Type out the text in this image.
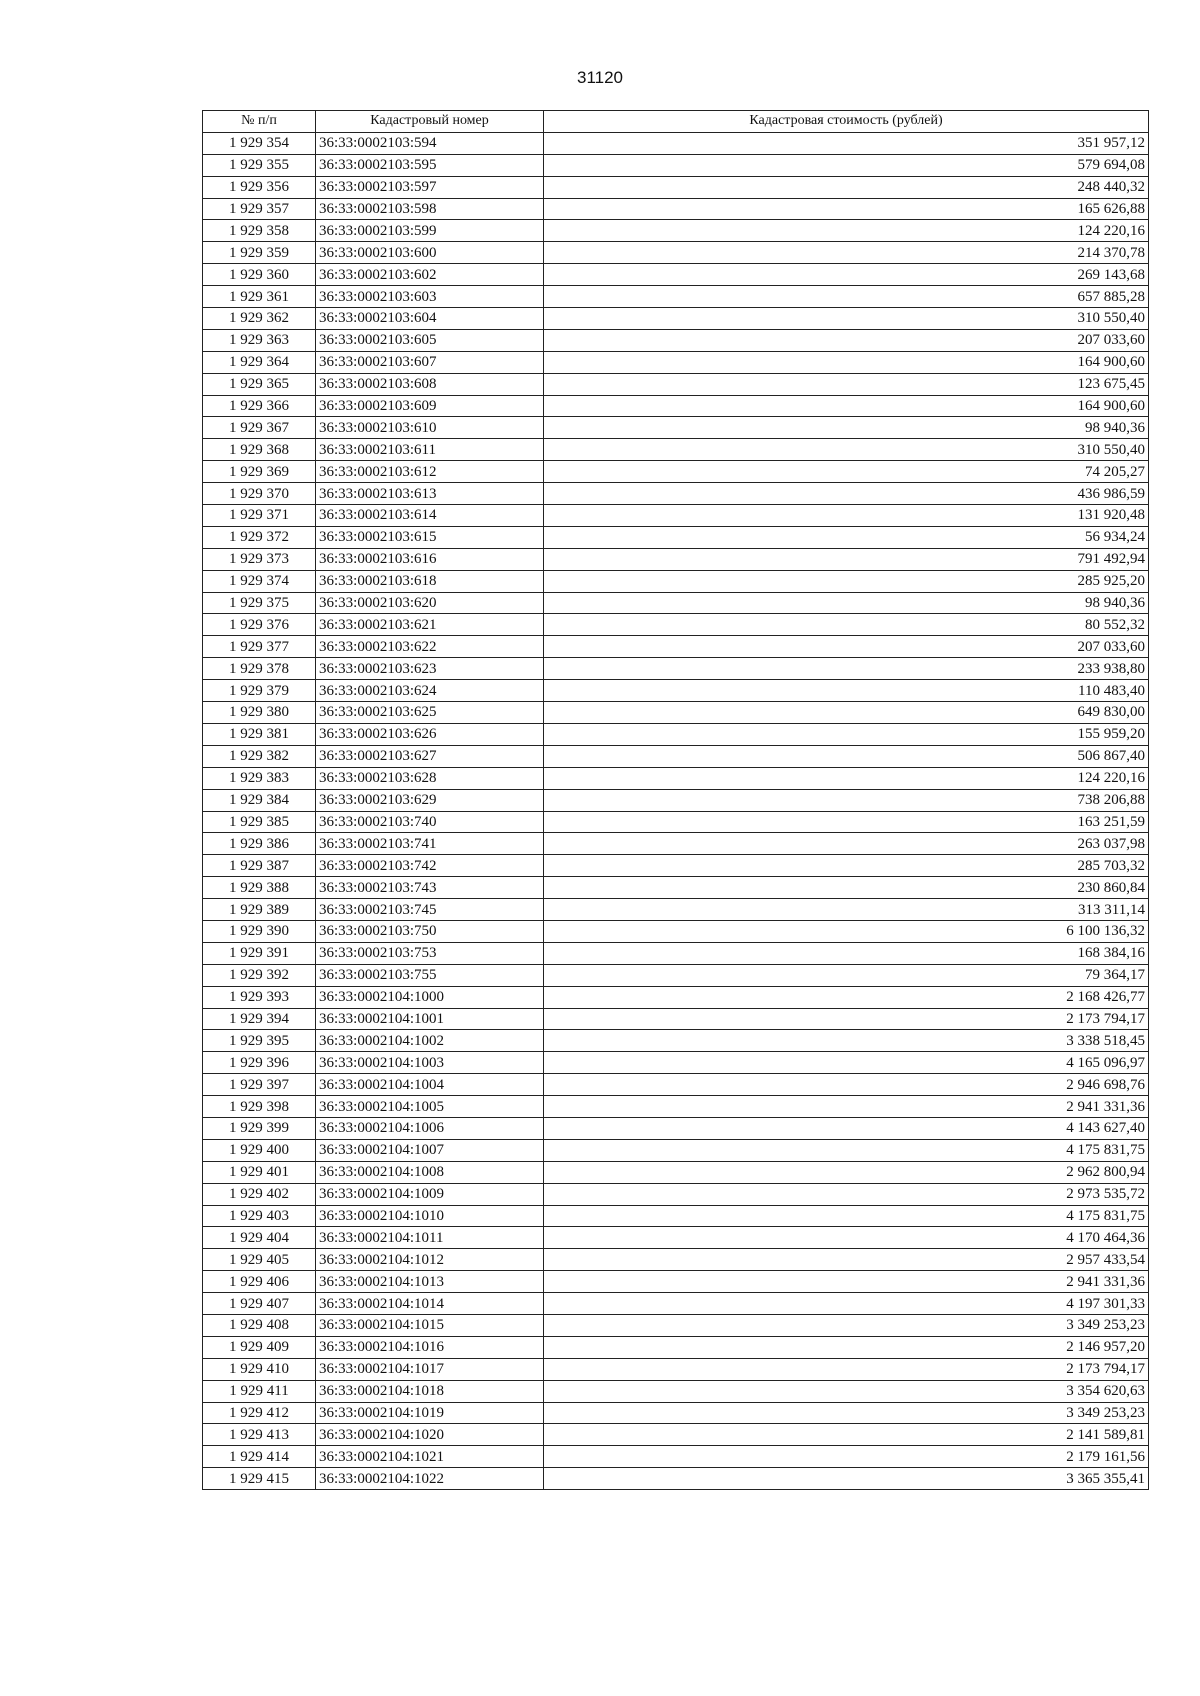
31120
№ п/п	Кадастровый номер	Кадастровая стоимость (рублей)
1 929 354	36:33:0002103:594	351 957,12
1 929 355	36:33:0002103:595	579 694,08
1 929 356	36:33:0002103:597	248 440,32
1 929 357	36:33:0002103:598	165 626,88
1 929 358	36:33:0002103:599	124 220,16
1 929 359	36:33:0002103:600	214 370,78
1 929 360	36:33:0002103:602	269 143,68
1 929 361	36:33:0002103:603	657 885,28
1 929 362	36:33:0002103:604	310 550,40
1 929 363	36:33:0002103:605	207 033,60
1 929 364	36:33:0002103:607	164 900,60
1 929 365	36:33:0002103:608	123 675,45
1 929 366	36:33:0002103:609	164 900,60
1 929 367	36:33:0002103:610	98 940,36
1 929 368	36:33:0002103:611	310 550,40
1 929 369	36:33:0002103:612	74 205,27
1 929 370	36:33:0002103:613	436 986,59
1 929 371	36:33:0002103:614	131 920,48
1 929 372	36:33:0002103:615	56 934,24
1 929 373	36:33:0002103:616	791 492,94
1 929 374	36:33:0002103:618	285 925,20
1 929 375	36:33:0002103:620	98 940,36
1 929 376	36:33:0002103:621	80 552,32
1 929 377	36:33:0002103:622	207 033,60
1 929 378	36:33:0002103:623	233 938,80
1 929 379	36:33:0002103:624	110 483,40
1 929 380	36:33:0002103:625	649 830,00
1 929 381	36:33:0002103:626	155 959,20
1 929 382	36:33:0002103:627	506 867,40
1 929 383	36:33:0002103:628	124 220,16
1 929 384	36:33:0002103:629	738 206,88
1 929 385	36:33:0002103:740	163 251,59
1 929 386	36:33:0002103:741	263 037,98
1 929 387	36:33:0002103:742	285 703,32
1 929 388	36:33:0002103:743	230 860,84
1 929 389	36:33:0002103:745	313 311,14
1 929 390	36:33:0002103:750	6 100 136,32
1 929 391	36:33:0002103:753	168 384,16
1 929 392	36:33:0002103:755	79 364,17
1 929 393	36:33:0002104:1000	2 168 426,77
1 929 394	36:33:0002104:1001	2 173 794,17
1 929 395	36:33:0002104:1002	3 338 518,45
1 929 396	36:33:0002104:1003	4 165 096,97
1 929 397	36:33:0002104:1004	2 946 698,76
1 929 398	36:33:0002104:1005	2 941 331,36
1 929 399	36:33:0002104:1006	4 143 627,40
1 929 400	36:33:0002104:1007	4 175 831,75
1 929 401	36:33:0002104:1008	2 962 800,94
1 929 402	36:33:0002104:1009	2 973 535,72
1 929 403	36:33:0002104:1010	4 175 831,75
1 929 404	36:33:0002104:1011	4 170 464,36
1 929 405	36:33:0002104:1012	2 957 433,54
1 929 406	36:33:0002104:1013	2 941 331,36
1 929 407	36:33:0002104:1014	4 197 301,33
1 929 408	36:33:0002104:1015	3 349 253,23
1 929 409	36:33:0002104:1016	2 146 957,20
1 929 410	36:33:0002104:1017	2 173 794,17
1 929 411	36:33:0002104:1018	3 354 620,63
1 929 412	36:33:0002104:1019	3 349 253,23
1 929 413	36:33:0002104:1020	2 141 589,81
1 929 414	36:33:0002104:1021	2 179 161,56
1 929 415	36:33:0002104:1022	3 365 355,41
